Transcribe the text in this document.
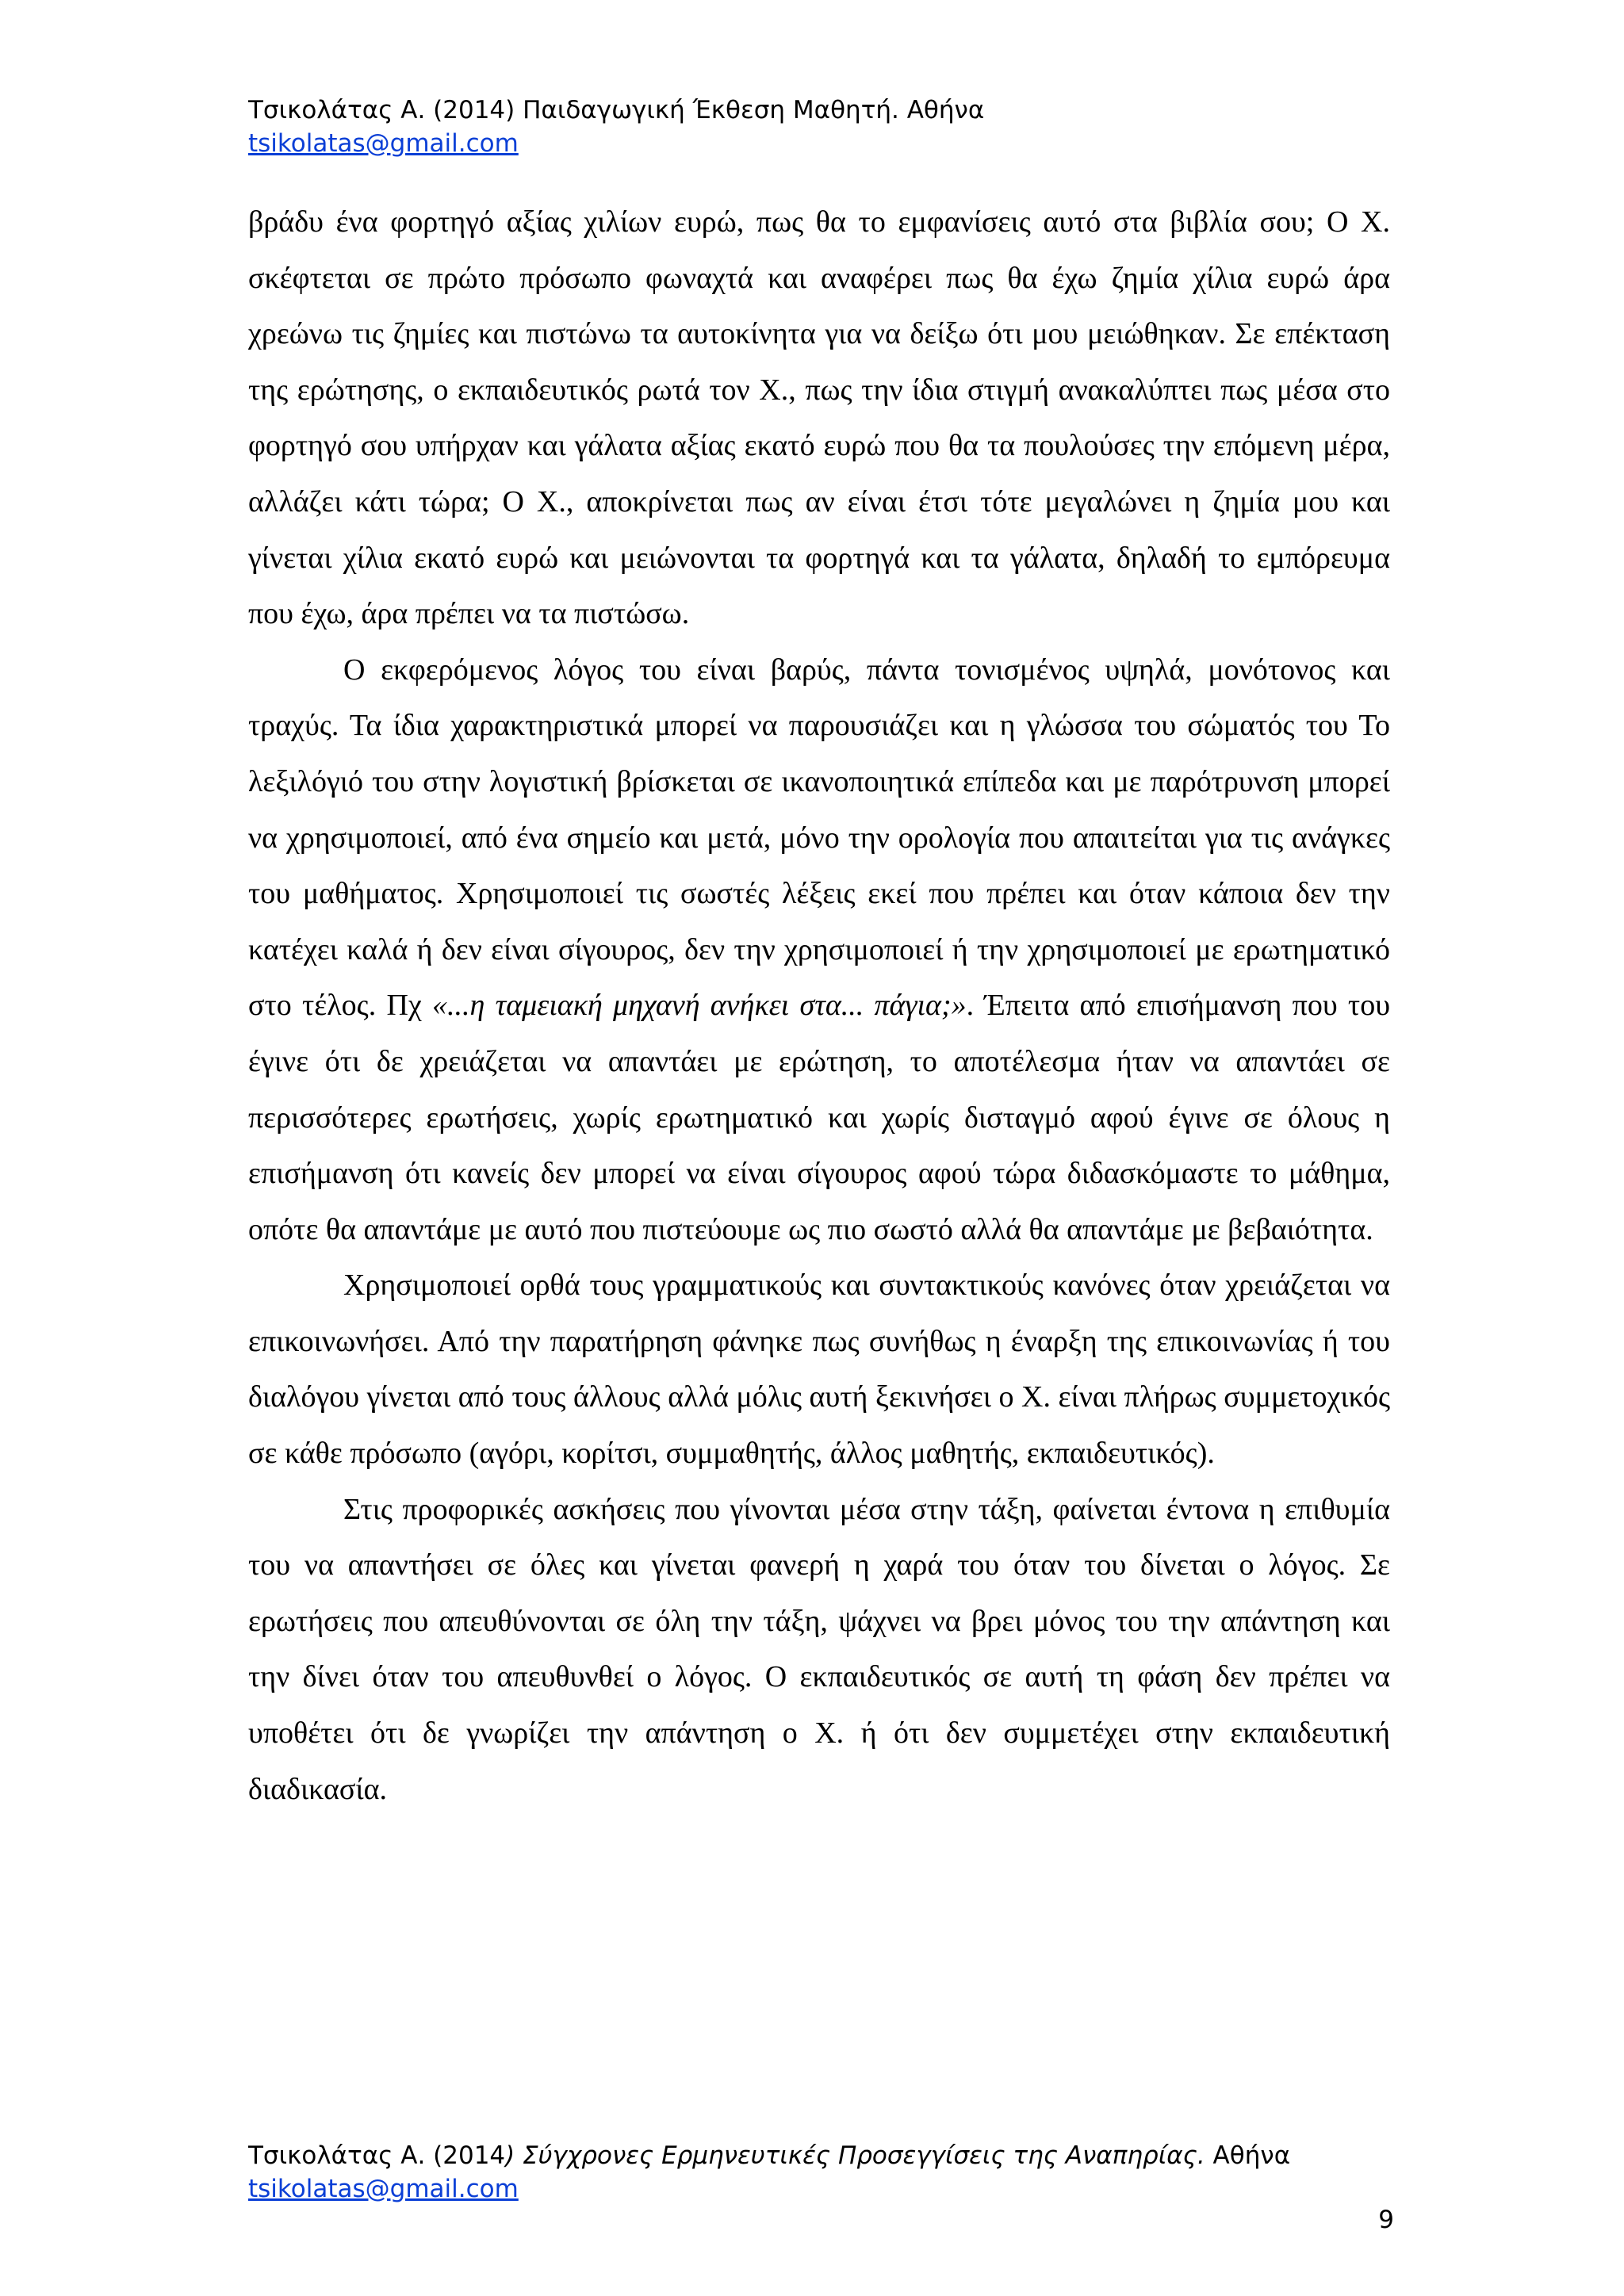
Τσικολάτας Α. (2014) Παιδαγωγική Έκθεση Μαθητή. Αθήνα
tsikolatas@gmail.com

βράδυ ένα φορτηγό αξίας χιλίων ευρώ, πως θα το εμφανίσεις αυτό στα βιβλία σου; Ο Χ. σκέφτεται σε πρώτο πρόσωπο φωναχτά και αναφέρει πως θα έχω ζημία χίλια ευρώ άρα χρεώνω τις ζημίες και πιστώνω τα αυτοκίνητα για να δείξω ότι μου μειώθηκαν. Σε επέκταση της ερώτησης, ο εκπαιδευτικός ρωτά τον Χ., πως την ίδια στιγμή ανακαλύπτει πως μέσα στο φορτηγό σου υπήρχαν και γάλατα αξίας εκατό ευρώ που θα τα πουλούσες την επόμενη μέρα, αλλάζει κάτι τώρα; Ο Χ., αποκρίνεται πως αν είναι έτσι τότε μεγαλώνει η ζημία μου και γίνεται χίλια εκατό ευρώ και μειώνονται τα φορτηγά και τα γάλατα, δηλαδή το εμπόρευμα που έχω, άρα πρέπει να τα πιστώσω.

Ο εκφερόμενος λόγος του είναι βαρύς, πάντα τονισμένος υψηλά, μονότονος και τραχύς. Τα ίδια χαρακτηριστικά μπορεί να παρουσιάζει και η γλώσσα του σώματός του Το λεξιλόγιό του στην λογιστική βρίσκεται σε ικανοποιητικά επίπεδα και με παρότρυνση μπορεί να χρησιμοποιεί, από ένα σημείο και μετά, μόνο την ορολογία που απαιτείται για τις ανάγκες του μαθήματος. Χρησιμοποιεί τις σωστές λέξεις εκεί που πρέπει και όταν κάποια δεν την κατέχει καλά ή δεν είναι σίγουρος, δεν την χρησιμοποιεί ή την χρησιμοποιεί με ερωτηματικό στο τέλος. Πχ «...η ταμειακή μηχανή ανήκει στα... πάγια;». Έπειτα από επισήμανση που του έγινε ότι δε χρειάζεται να απαντάει με ερώτηση, το αποτέλεσμα ήταν να απαντάει σε περισσότερες ερωτήσεις, χωρίς ερωτηματικό και χωρίς δισταγμό αφού έγινε σε όλους η επισήμανση ότι κανείς δεν μπορεί να είναι σίγουρος αφού τώρα διδασκόμαστε το μάθημα, οπότε θα απαντάμε με αυτό που πιστεύουμε ως πιο σωστό αλλά θα απαντάμε με βεβαιότητα.

Χρησιμοποιεί ορθά τους γραμματικούς και συντακτικούς κανόνες όταν χρειάζεται να επικοινωνήσει. Από την παρατήρηση φάνηκε πως συνήθως η έναρξη της επικοινωνίας ή του διαλόγου γίνεται από τους άλλους αλλά μόλις αυτή ξεκινήσει ο Χ. είναι πλήρως συμμετοχικός σε κάθε πρόσωπο (αγόρι, κορίτσι, συμμαθητής, άλλος μαθητής, εκπαιδευτικός).

Στις προφορικές ασκήσεις που γίνονται μέσα στην τάξη, φαίνεται έντονα η επιθυμία του να απαντήσει σε όλες και γίνεται φανερή η χαρά του όταν του δίνεται ο λόγος. Σε ερωτήσεις που απευθύνονται σε όλη την τάξη, ψάχνει να βρει μόνος του την απάντηση και την δίνει όταν του απευθυνθεί ο λόγος. Ο εκπαιδευτικός σε αυτή τη φάση δεν πρέπει να υποθέτει ότι δε γνωρίζει την απάντηση ο Χ. ή ότι δεν συμμετέχει στην εκπαιδευτική διαδικασία.

Τσικολάτας Α. (2014) Σύγχρονες Ερμηνευτικές Προσεγγίσεις της Αναπηρίας. Αθήνα
tsikolatas@gmail.com
9
